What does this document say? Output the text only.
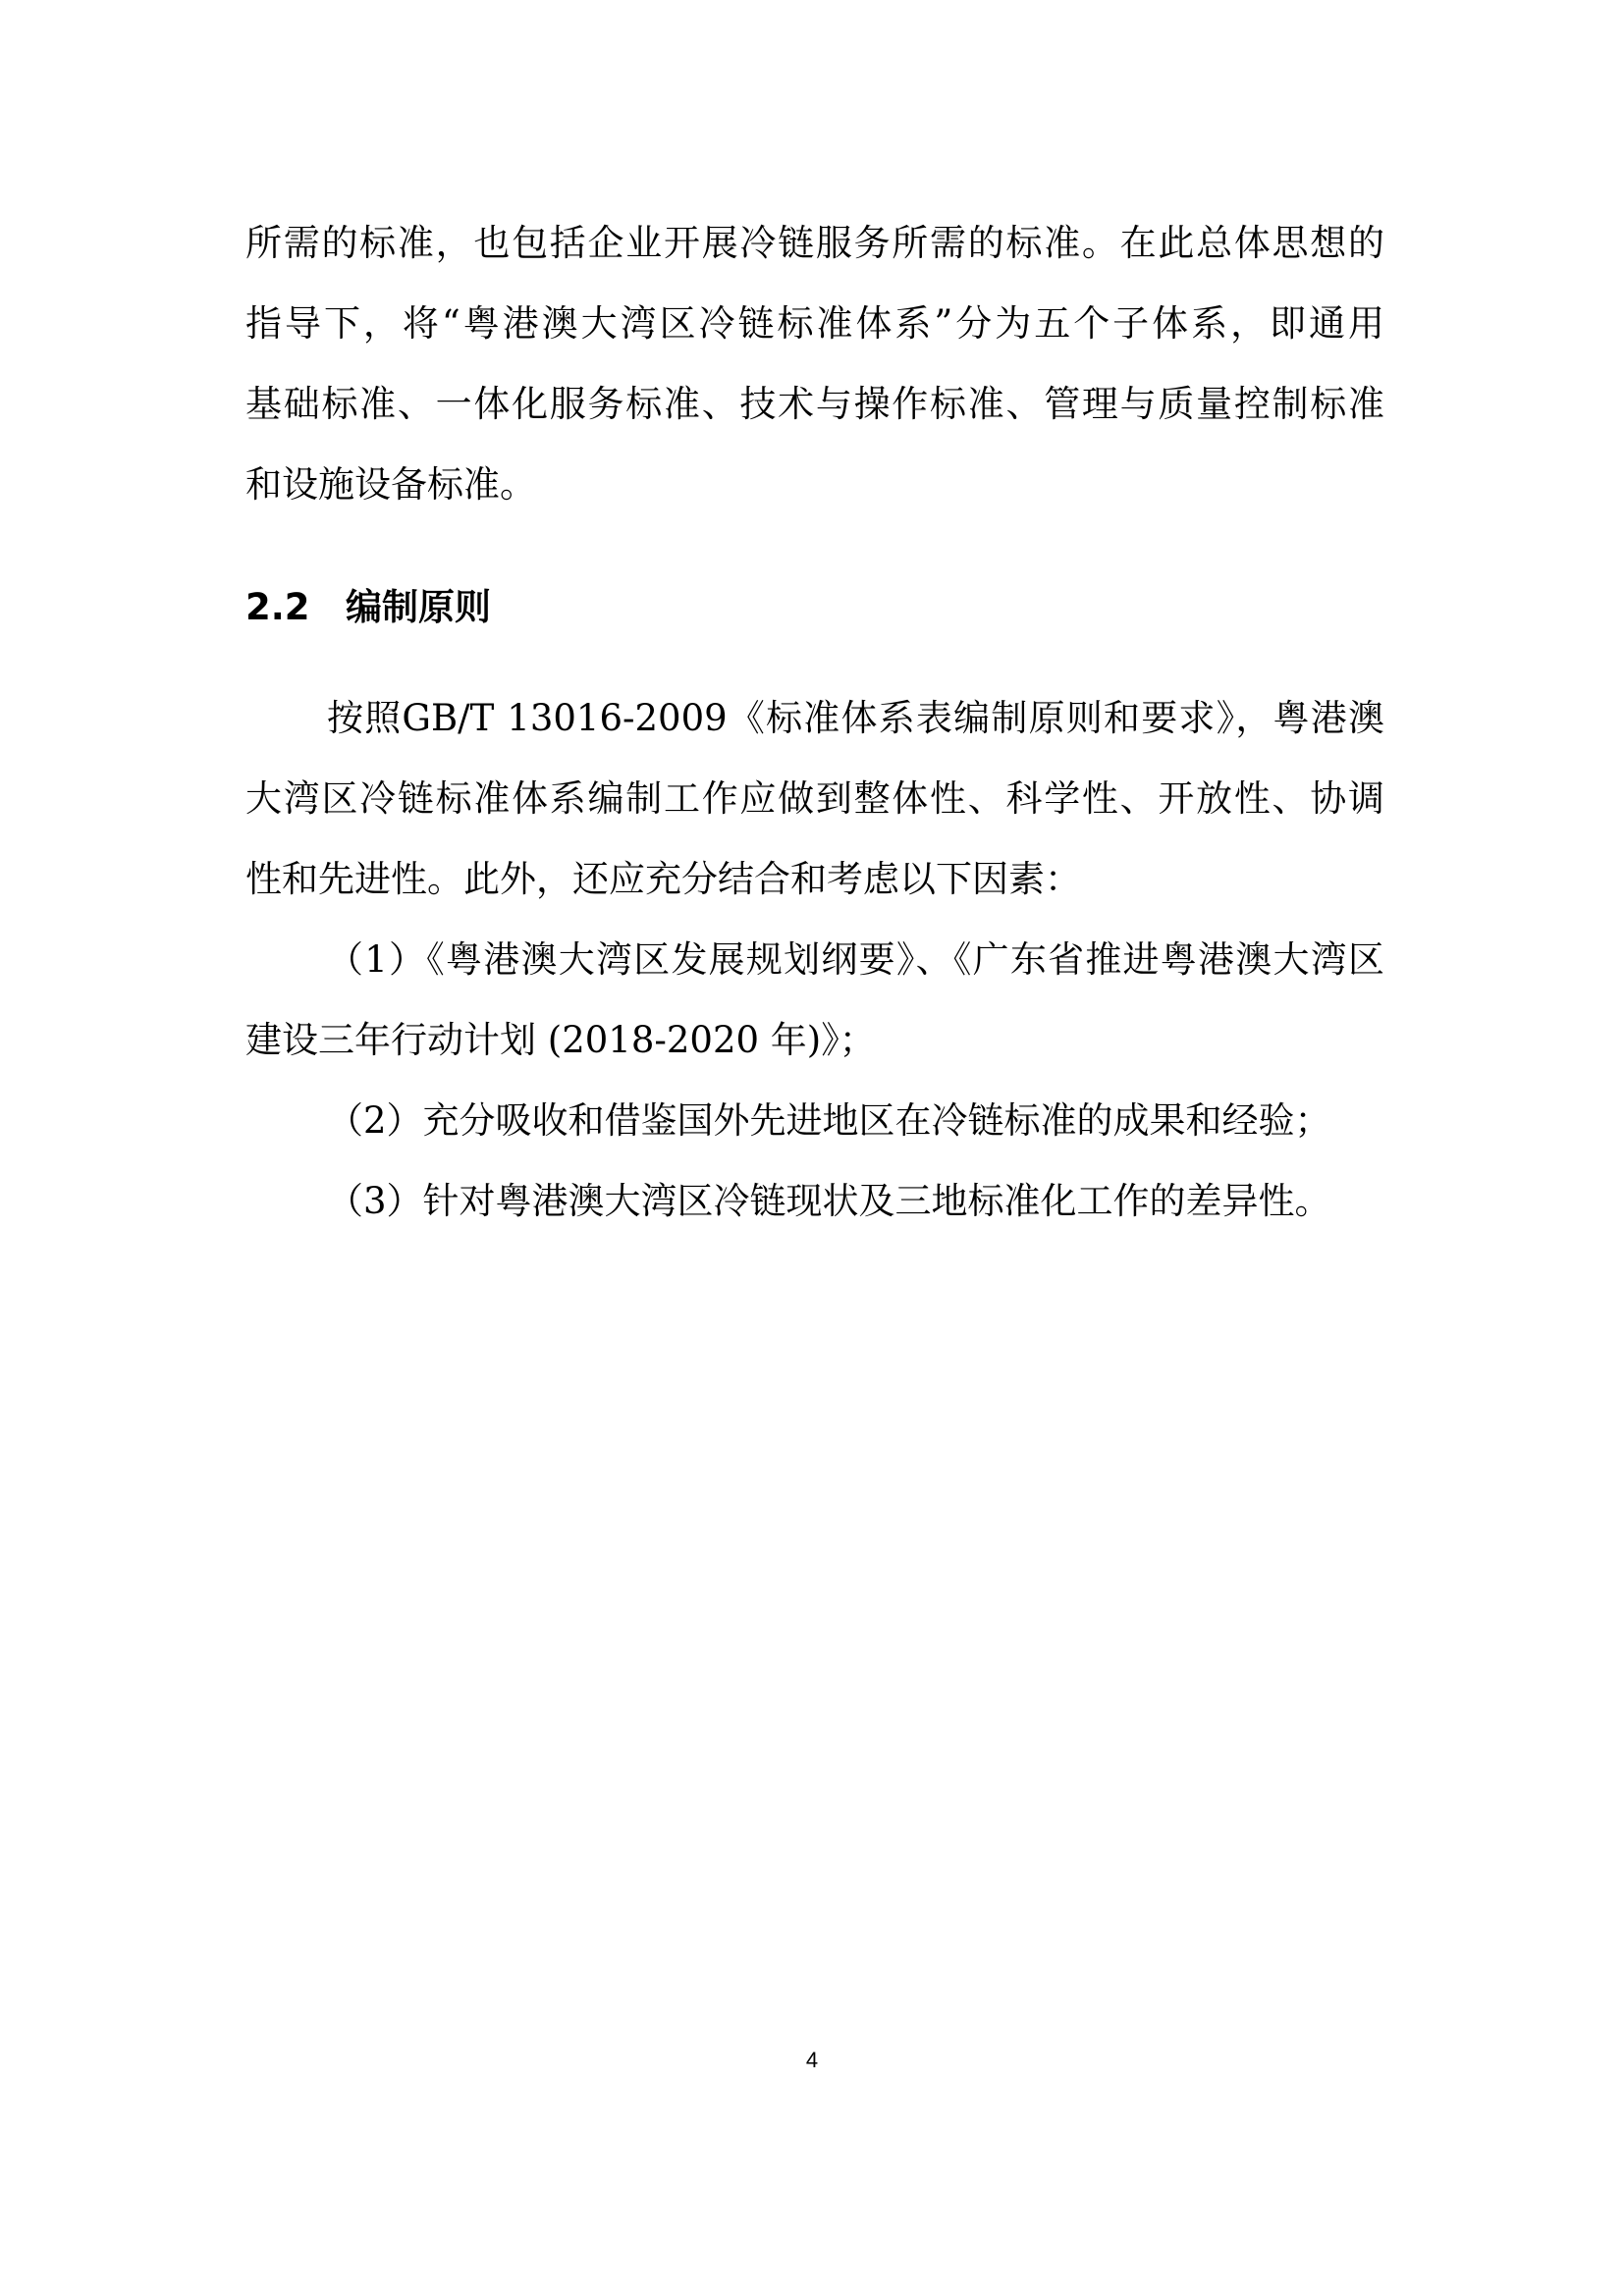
所需的标准，也包括企业开展冷链服务所需的标准。在此总体思想的

指导下，将“粤港澳大湾区冷链标准体系”分为五个子体系，即通用

基础标准、一体化服务标准、技术与操作标准、管理与质量控制标准

和设施设备标准。

2.2 编制原则

按照GB/T 13016-2009《标准体系表编制原则和要求》，粤港澳

大湾区冷链标准体系编制工作应做到整体性、科学性、开放性、协调

性和先进性。此外，还应充分结合和考虑以下因素：

（1）《粤港澳大湾区发展规划纲要》、《广东省推进粤港澳大湾区

建设三年行动计划 (2018-2020 年)》；

（2）充分吸收和借鉴国外先进地区在冷链标准的成果和经验；

（3）针对粤港澳大湾区冷链现状及三地标准化工作的差异性。

4
